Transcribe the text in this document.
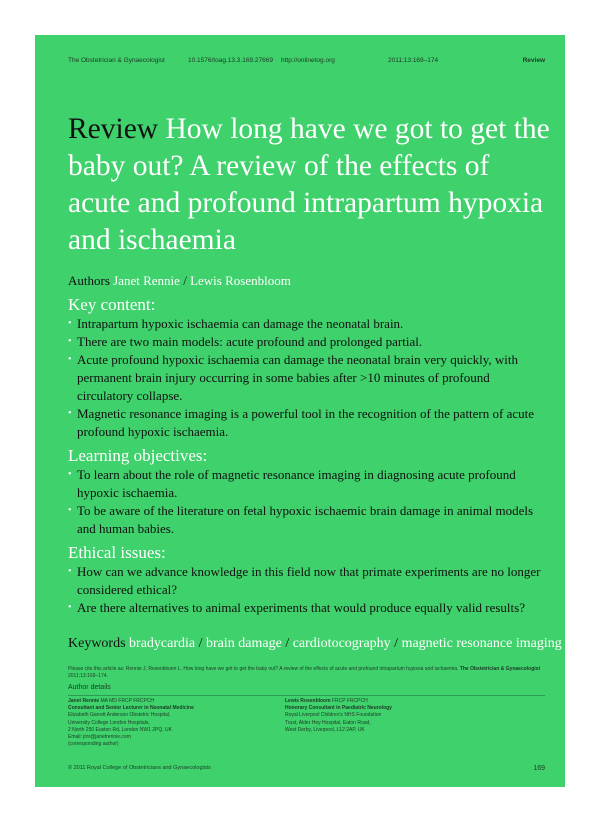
The Obstetrician & Gynaecologist	10.1576/toag.13.3.169.27669 http://onlinetog.org	2011;13:169–174	Review
Review How long have we got to get the baby out? A review of the effects of acute and profound intrapartum hypoxia and ischaemia
Authors Janet Rennie / Lewis Rosenbloom
Key content:
• Intrapartum hypoxic ischaemia can damage the neonatal brain.
• There are two main models: acute profound and prolonged partial.
• Acute profound hypoxic ischaemia can damage the neonatal brain very quickly, with permanent brain injury occurring in some babies after >10 minutes of profound circulatory collapse.
• Magnetic resonance imaging is a powerful tool in the recognition of the pattern of acute profound hypoxic ischaemia.
Learning objectives:
• To learn about the role of magnetic resonance imaging in diagnosing acute profound hypoxic ischaemia.
• To be aware of the literature on fetal hypoxic ischaemic brain damage in animal models and human babies.
Ethical issues:
• How can we advance knowledge in this field now that primate experiments are no longer considered ethical?
• Are there alternatives to animal experiments that would produce equally valid results?
Keywords bradycardia / brain damage / cardiotocography / magnetic resonance imaging
Please cite this article as: Rennie J, Rosenbloom L. How long have we got to get the baby out? A review of the effects of acute and profound intrapartum hypoxia and ischaemia. The Obstetrician & Gynaecologist 2011;13:169–174.
Author details
Janet Rennie MA MD FRCP FRCPCH
Consultant and Senior Lecturer in Neonatal Medicine
Elizabeth Garrett Anderson Obstetric Hospital,
University College London Hospitals,
2 North 250 Euston Rd, London NW1 2PQ, UK
Email: jmr@janetrennie.com
(corresponding author)
Lewis Rosenbloom FRCP FRCPCH
Honorary Consultant in Paediatric Neurology
Royal Liverpool Children's NHS Foundation
Trust, Alder Hey Hospital, Eaton Road,
West Derby, Liverpool, L12 2AP, UK
© 2011 Royal College of Obstetricians and Gynaecologists	169
